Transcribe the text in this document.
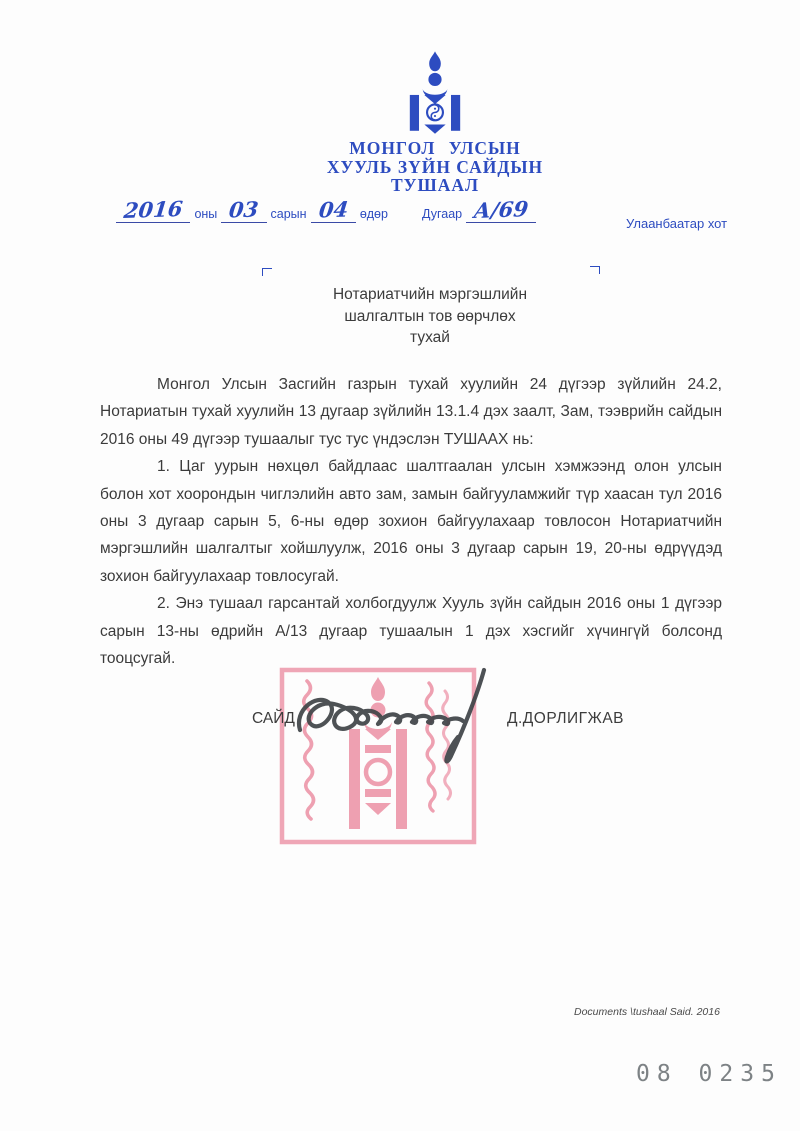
МОНГОЛ УЛСЫН
ХУУЛЬ ЗҮЙН САЙДЫН
ТУШААЛ
2016 оны 03 сарын 04 өдөр	Дугаар А/69
Улаанбаатар хот
Нотариатчийн мэргэшлийн
шалгалтын тов өөрчлөх
тухай

Монгол Улсын Засгийн газрын тухай хуулийн 24 дүгээр зүйлийн 24.2, Нотариатын тухай хуулийн 13 дугаар зүйлийн 13.1.4 дэх заалт, Зам, тээврийн сайдын 2016 оны 49 дүгээр тушаалыг тус тус үндэслэн ТУШААХ нь:

1. Цаг уурын нөхцөл байдлаас шалтгаалан улсын хэмжээнд олон улсын болон хот хоорондын чиглэлийн авто зам, замын байгууламжийг түр хаасан тул 2016 оны 3 дугаар сарын 5, 6-ны өдөр зохион байгуулахаар товлосон Нотариатчийн мэргэшлийн шалгалтыг хойшлуулж, 2016 оны 3 дугаар сарын 19, 20-ны өдрүүдэд зохион байгуулахаар товлосугай.

2. Энэ тушаал гарсантай холбогдуулж Хууль зүйн сайдын 2016 оны 1 дүгээр сарын 13-ны өдрийн А/13 дугаар тушаалын 1 дэх хэсгийг хүчингүй болсонд тооцсугай.

САЙД	Д.ДОРЛИГЖАВ
Documents \tushaal Said. 2016
08 0235
